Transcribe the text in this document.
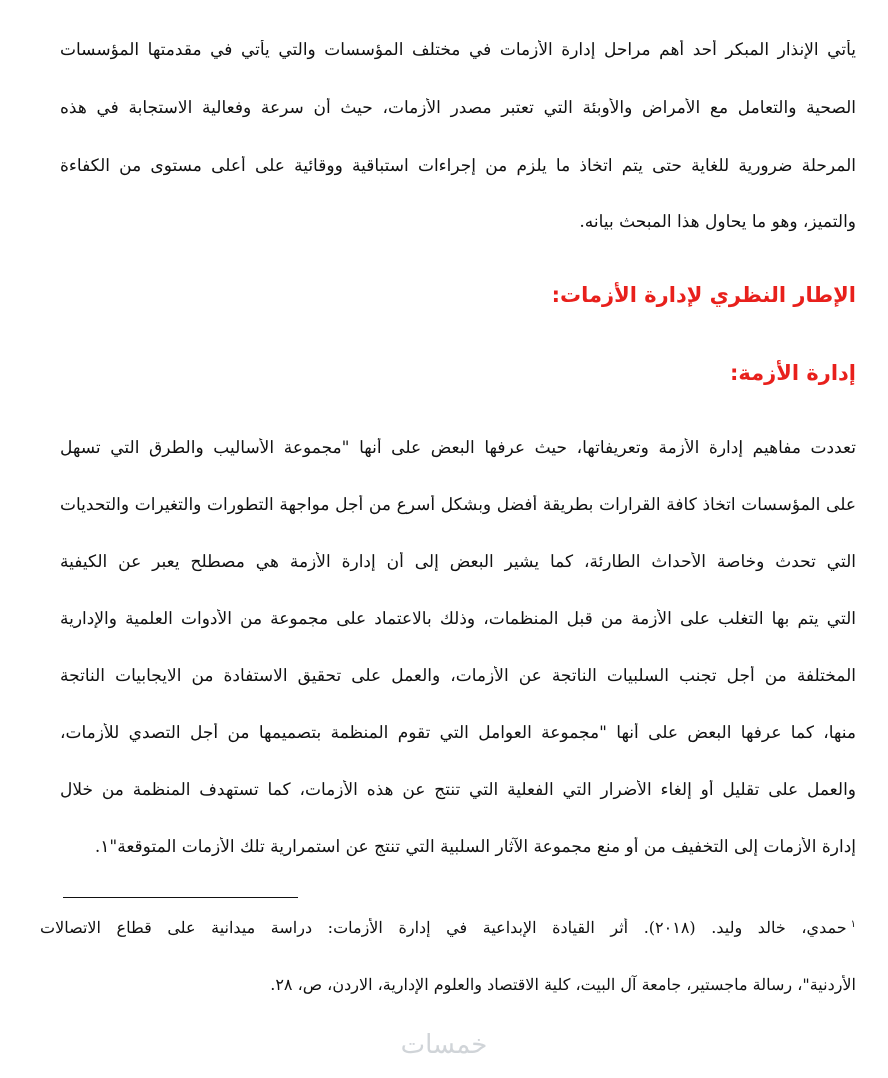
يأتي الإنذار المبكر أحد أهم مراحل إدارة الأزمات في مختلف المؤسسات والتي يأتي في مقدمتها المؤسسات
الصحية والتعامل مع الأمراض والأوبئة التي تعتبر مصدر الأزمات، حيث أن سرعة وفعالية الاستجابة في هذه
المرحلة ضرورية للغاية حتى يتم اتخاذ ما يلزم من إجراءات استباقية ووقائية على أعلى مستوى من الكفاءة
والتميز، وهو ما يحاول هذا المبحث بيانه.
الإطار النظري لإدارة الأزمات:
إدارة الأزمة:
تعددت مفاهيم إدارة الأزمة وتعريفاتها، حيث عرفها البعض على أنها "مجموعة الأساليب والطرق التي تسهل
على المؤسسات اتخاذ كافة القرارات بطريقة أفضل وبشكل أسرع من أجل مواجهة التطورات والتغيرات والتحديات
التي تحدث وخاصة الأحداث الطارئة، كما يشير البعض إلى أن إدارة الأزمة هي مصطلح يعبر عن الكيفية
التي يتم بها التغلب على الأزمة من قبل المنظمات، وذلك بالاعتماد على مجموعة من الأدوات العلمية والإدارية
المختلفة من أجل تجنب السلبيات الناتجة عن الأزمات، والعمل على تحقيق الاستفادة من الايجابيات الناتجة
منها، كما عرفها البعض على أنها "مجموعة العوامل التي تقوم المنظمة بتصميمها من أجل التصدي للأزمات،
والعمل على تقليل أو إلغاء الأضرار التي الفعلية التي تنتج عن هذه الأزمات، كما تستهدف المنظمة من خلال
إدارة الأزمات إلى التخفيف من أو منع مجموعة الآثار السلبية التي تنتج عن استمرارية تلك الأزمات المتوقعة"١.
$^١$حمدي، خالد وليد. (٢٠١٨). أثر القيادة الإبداعية في إدارة الأزمات: دراسة ميدانية على قطاع الاتصالات
الأردنية"، رسالة ماجستير، جامعة آل البيت، كلية الاقتصاد والعلوم الإدارية، الاردن، ص، ٢٨.
خمسات
